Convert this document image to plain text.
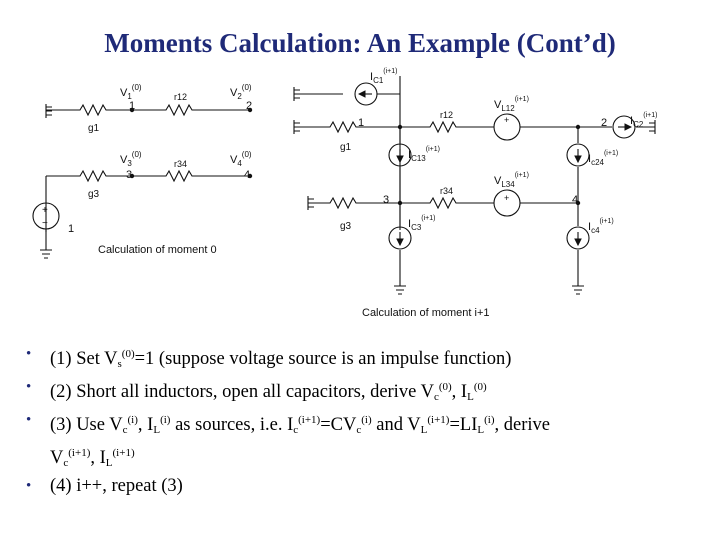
Moments Calculation: An Example (Cont’d)
$V_1^{(0)}$	$V_2^{(0)}$
r12
1	2
g1
$V_3^{(0)}$	$V_4^{(0)}$
r34
3	4
g3
+
− 1
Calculation of moment 0
$I_{C1}^{(i+1)}$
r12
$V_{L12}^{(i+1)}$
1	2 $I_{C2}^{(i+1)}$
g1
$I_{C13}^{(i+1)}$
$I_{c24}^{(i+1)}$
$V_{L34}^{(i+1)}$
r34
3	4
g3	$I_{C3}^{(i+1)}$
$I_{c4}^{(i+1)}$
+
+
Calculation of moment i+1
•	(1) Set $V_s^{(0)}=1$ (suppose voltage source is an impulse function)
•	(2) Short all inductors, open all capacitors, derive $V_c^{(0)}$, $I_L^{(0)}$
•	(3) Use $V_c^{(i)}$, $I_L^{(i)}$ as sources, i.e. $I_c^{(i+1)}=CV_c^{(i)}$ and $V_L^{(i+1)}=LI_L^{(i)}$, derive
$V_c^{(i+1)}$, $I_L^{(i+1)}$
•	(4) i++, repeat (3)
